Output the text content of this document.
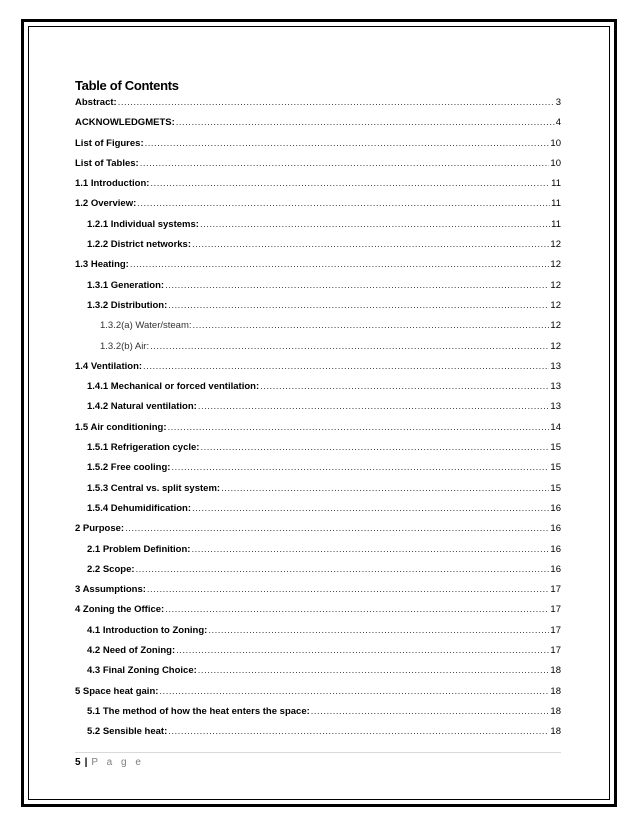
Table of Contents
Abstract: .....	3
ACKNOWLEDGMETS: .....	4
List of Figures: .....	10
List of Tables: .....	10
1.1 Introduction: .....	11
1.2 Overview: .....	11
1.2.1 Individual systems: .....	11
1.2.2 District networks: .....	12
1.3 Heating: .....	12
1.3.1 Generation: .....	12
1.3.2 Distribution: .....	12
1.3.2(a) Water/steam: .....	12
1.3.2(b) Air: .....	12
1.4 Ventilation: .....	13
1.4.1 Mechanical or forced ventilation: .....	13
1.4.2 Natural ventilation: .....	13
1.5 Air conditioning: .....	14
1.5.1 Refrigeration cycle: .....	15
1.5.2 Free cooling: .....	15
1.5.3 Central vs. split system: .....	15
1.5.4 Dehumidification: .....	16
2 Purpose: .....	16
2.1 Problem Definition: .....	16
2.2 Scope: .....	16
3 Assumptions: .....	17
4 Zoning the Office: .....	17
4.1 Introduction to Zoning: .....	17
4.2 Need of Zoning: .....	17
4.3 Final Zoning Choice: .....	18
5 Space heat gain: .....	18
5.1 The method of how the heat enters the space: .....	18
5.2 Sensible heat: .....	18
5 | P a g e
